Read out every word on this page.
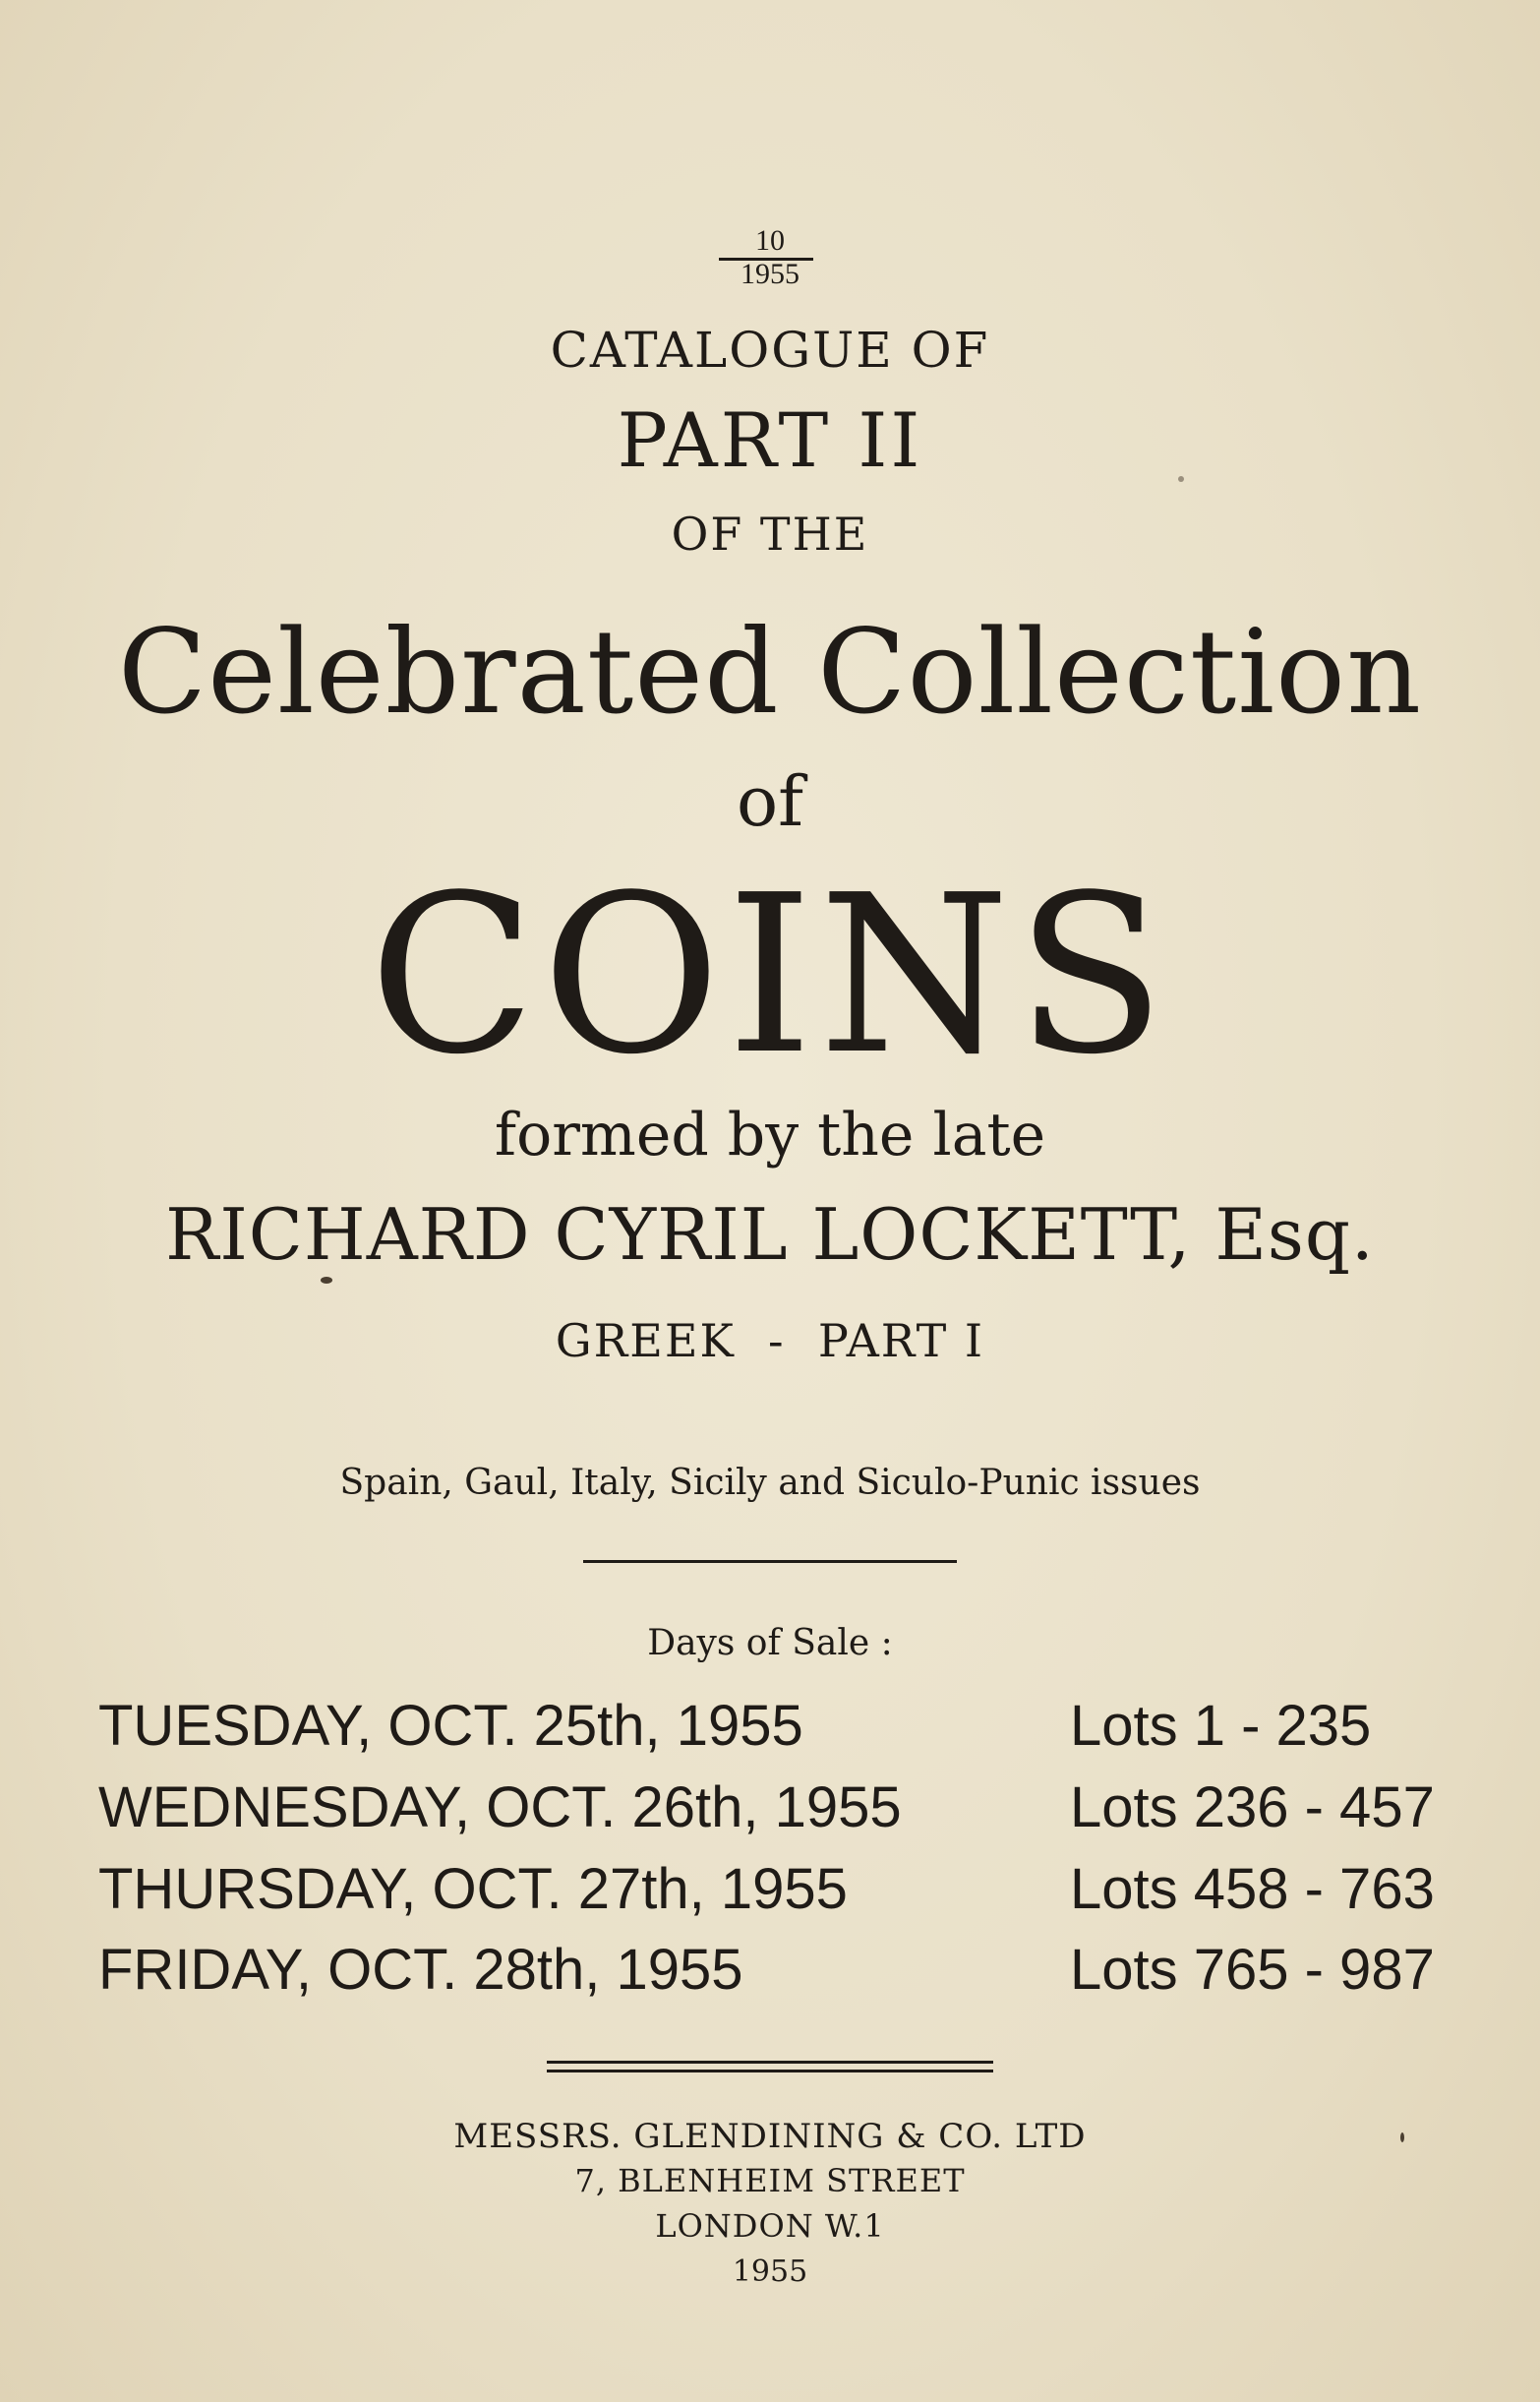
10
1955
CATALOGUE OF
PART II
OF THE
Celebrated Collection
of
COINS
formed by the late
RICHARD CYRIL LOCKETT, Esq.
GREEK  -  PART I
Spain, Gaul, Italy, Sicily and Siculo-Punic issues
Days of Sale :
TUESDAY, OCT. 25th, 1955	Lots 1 - 235
WEDNESDAY, OCT. 26th, 1955	Lots 236 - 457
THURSDAY, OCT. 27th, 1955	Lots 458 - 763
FRIDAY, OCT. 28th, 1955	Lots 765 - 987
MESSRS. GLENDINING & CO. LTD
7, BLENHEIM STREET
LONDON W.1
1955
